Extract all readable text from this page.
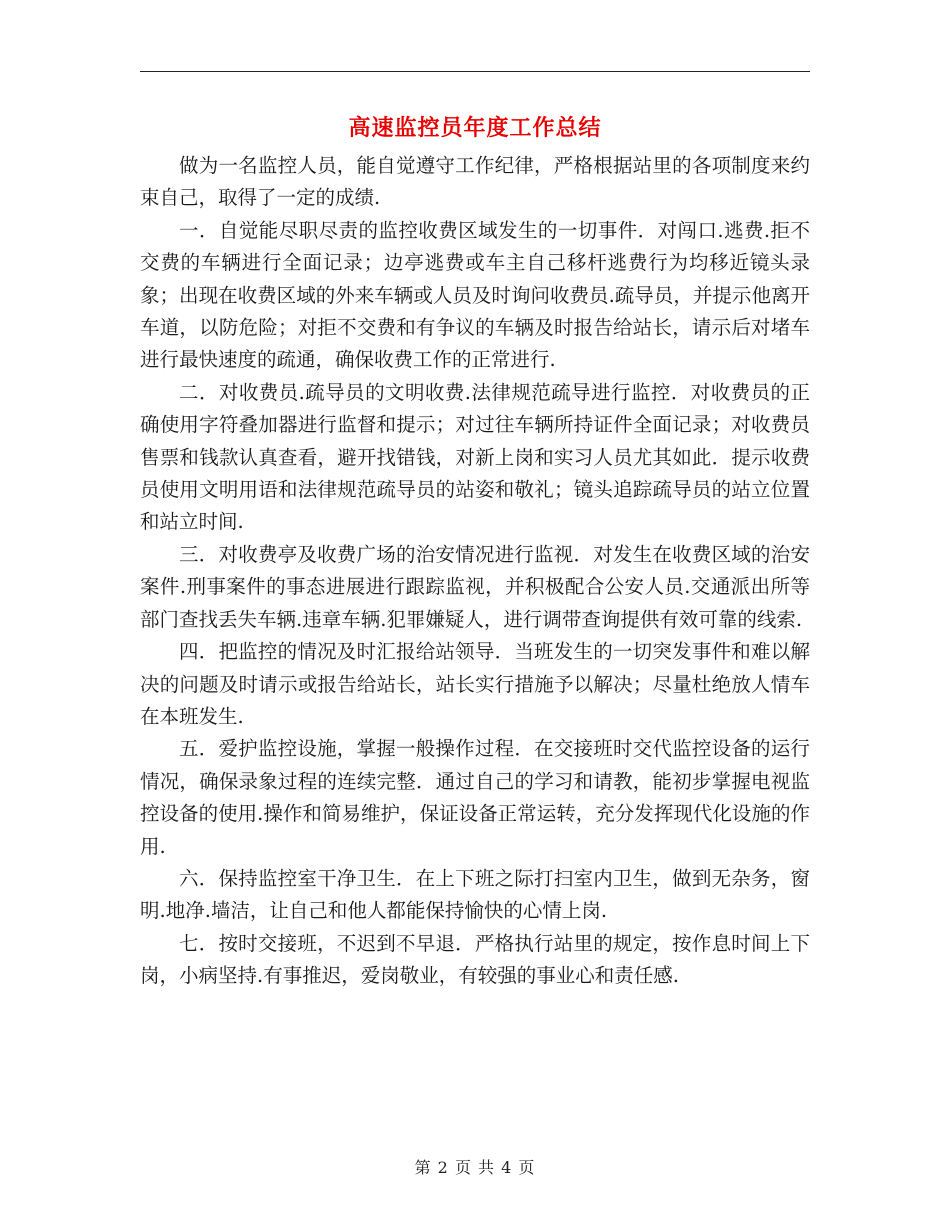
高速监控员年度工作总结

做为一名监控人员，能自觉遵守工作纪律，严格根据站里的各项制度来约束自己，取得了一定的成绩.

一．自觉能尽职尽责的监控收费区域发生的一切事件．对闯口.逃费.拒不交费的车辆进行全面记录；边亭逃费或车主自己移杆逃费行为均移近镜头录象；出现在收费区域的外来车辆或人员及时询问收费员.疏导员，并提示他离开车道，以防危险；对拒不交费和有争议的车辆及时报告给站长，请示后对堵车进行最快速度的疏通，确保收费工作的正常进行.

二．对收费员.疏导员的文明收费.法律规范疏导进行监控．对收费员的正确使用字符叠加器进行监督和提示；对过往车辆所持证件全面记录；对收费员售票和钱款认真查看，避开找错钱，对新上岗和实习人员尤其如此．提示收费员使用文明用语和法律规范疏导员的站姿和敬礼；镜头追踪疏导员的站立位置和站立时间.

三．对收费亭及收费广场的治安情况进行监视．对发生在收费区域的治安案件.刑事案件的事态进展进行跟踪监视，并积极配合公安人员.交通派出所等部门查找丢失车辆.违章车辆.犯罪嫌疑人，进行调带查询提供有效可靠的线索.

四．把监控的情况及时汇报给站领导．当班发生的一切突发事件和难以解决的问题及时请示或报告给站长，站长实行措施予以解决；尽量杜绝放人情车在本班发生.

五．爱护监控设施，掌握一般操作过程．在交接班时交代监控设备的运行情况，确保录象过程的连续完整．通过自己的学习和请教，能初步掌握电视监控设备的使用.操作和简易维护，保证设备正常运转，充分发挥现代化设施的作用.

六．保持监控室干净卫生．在上下班之际打扫室内卫生，做到无杂务，窗明.地净.墙洁，让自己和他人都能保持愉快的心情上岗.

七．按时交接班，不迟到不早退．严格执行站里的规定，按作息时间上下岗，小病坚持.有事推迟，爱岗敬业，有较强的事业心和责任感.

第 2 页 共 4 页
